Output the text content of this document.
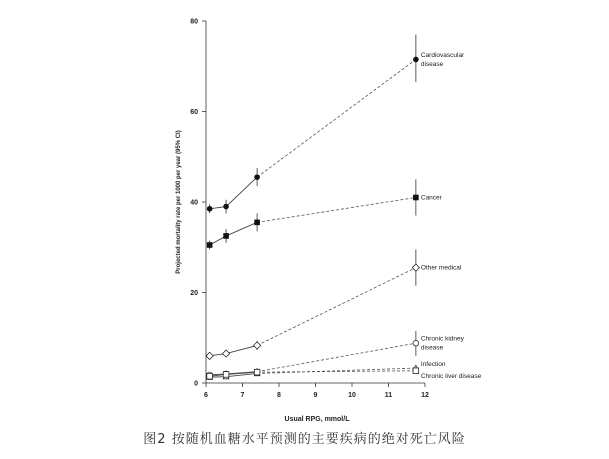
6	7	8	9	10	11	12
0
20
40
60
80
Cardiovascular
disease
Cancer
Other medical
Chronic kidney
disease
Infection
Chronic liver disease
Usual RPG, mmol/L
Projected mortality rate per 1000 per year (95% CI)
图2 按随机血糖水平预测的主要疾病的绝对死亡风险
